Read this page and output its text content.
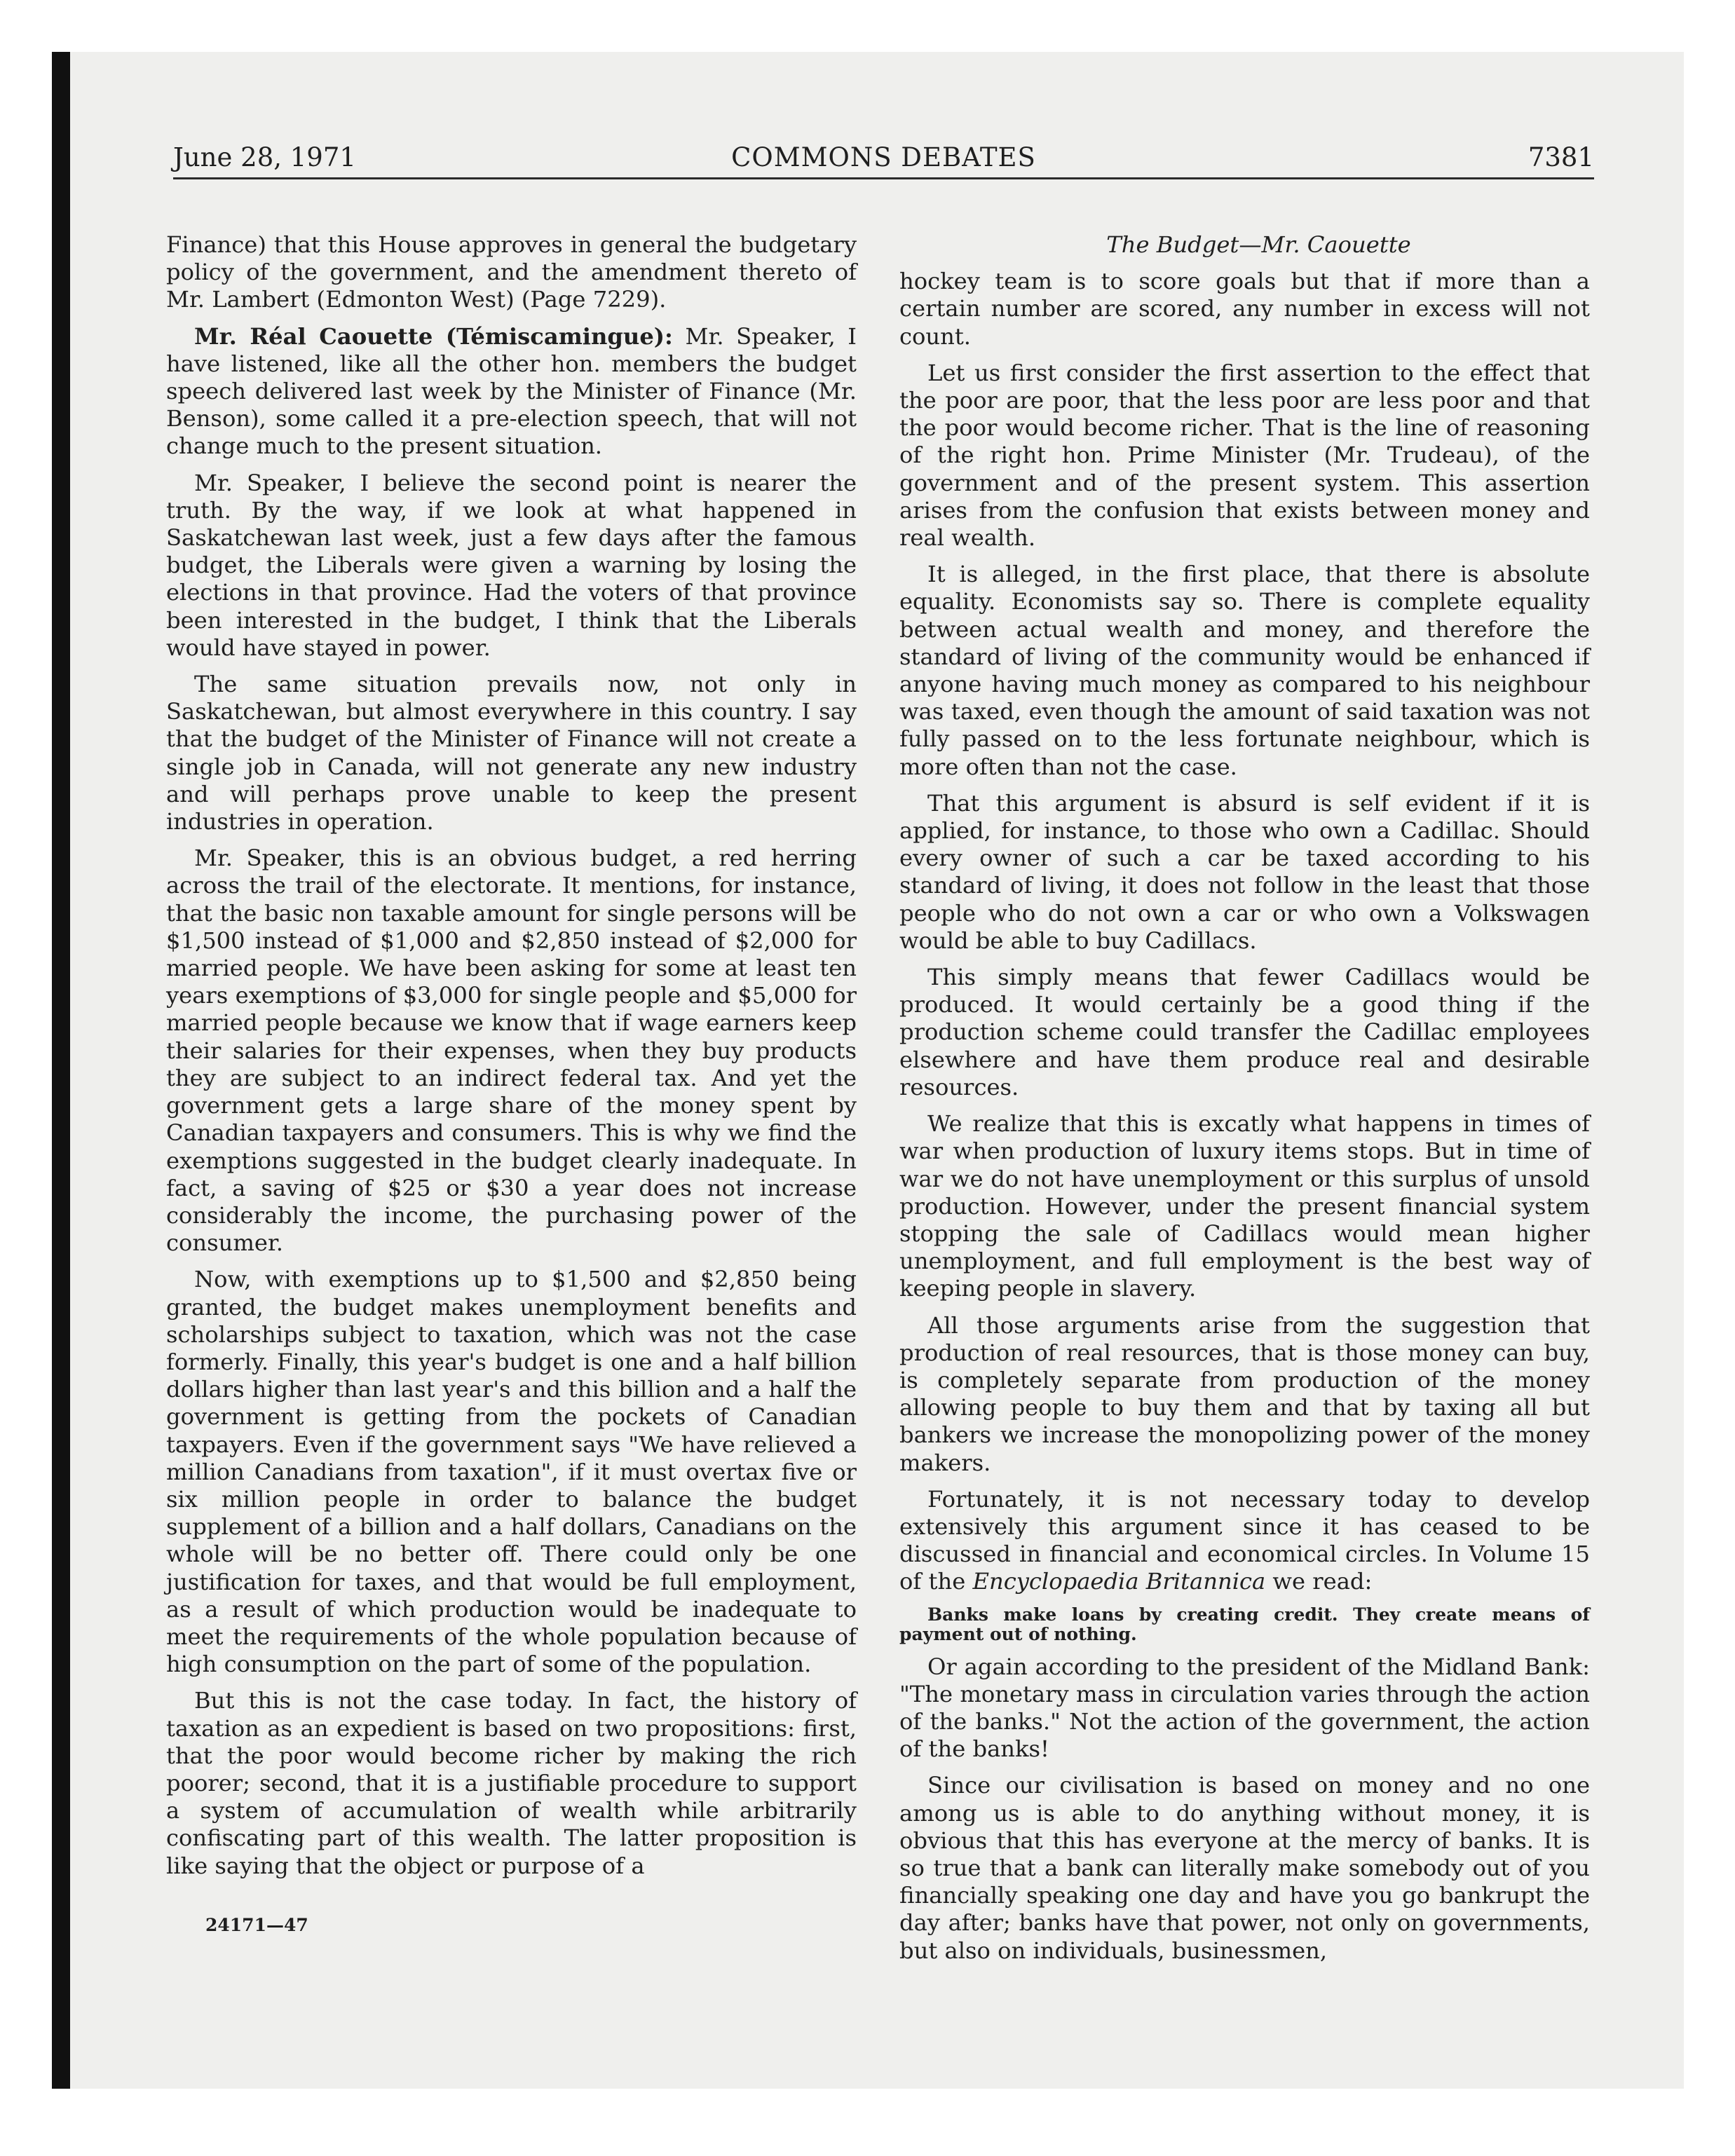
June 28, 1971	COMMONS DEBATES	7381

Finance) that this House approves in general the budgetary policy of the government, and the amendment thereto of Mr. Lambert (Edmonton West) (Page 7229).

Mr. Réal Caouette (Témiscamingue): Mr. Speaker, I have listened, like all the other hon. members the budget speech delivered last week by the Minister of Finance (Mr. Benson), some called it a pre-election speech, that will not change much to the present situation.

Mr. Speaker, I believe the second point is nearer the truth. By the way, if we look at what happened in Saskatchewan last week, just a few days after the famous budget, the Liberals were given a warning by losing the elections in that province. Had the voters of that province been interested in the budget, I think that the Liberals would have stayed in power.

The same situation prevails now, not only in Saskatchewan, but almost everywhere in this country. I say that the budget of the Minister of Finance will not create a single job in Canada, will not generate any new industry and will perhaps prove unable to keep the present industries in operation.

Mr. Speaker, this is an obvious budget, a red herring across the trail of the electorate. It mentions, for instance, that the basic non taxable amount for single persons will be $1,500 instead of $1,000 and $2,850 instead of $2,000 for married people. We have been asking for some at least ten years exemptions of $3,000 for single people and $5,000 for married people because we know that if wage earners keep their salaries for their expenses, when they buy products they are subject to an indirect federal tax. And yet the government gets a large share of the money spent by Canadian taxpayers and consumers. This is why we find the exemptions suggested in the budget clearly inadequate. In fact, a saving of $25 or $30 a year does not increase considerably the income, the purchasing power of the consumer.

Now, with exemptions up to $1,500 and $2,850 being granted, the budget makes unemployment benefits and scholarships subject to taxation, which was not the case formerly. Finally, this year's budget is one and a half billion dollars higher than last year's and this billion and a half the government is getting from the pockets of Canadian taxpayers. Even if the government says "We have relieved a million Canadians from taxation", if it must overtax five or six million people in order to balance the budget supplement of a billion and a half dollars, Canadians on the whole will be no better off. There could only be one justification for taxes, and that would be full employment, as a result of which production would be inadequate to meet the requirements of the whole population because of high consumption on the part of some of the population.

But this is not the case today. In fact, the history of taxation as an expedient is based on two propositions: first, that the poor would become richer by making the rich poorer; second, that it is a justifiable procedure to support a system of accumulation of wealth while arbitrarily confiscating part of this wealth. The latter proposition is like saying that the object or purpose of a

The Budget—Mr. Caouette

hockey team is to score goals but that if more than a certain number are scored, any number in excess will not count.

Let us first consider the first assertion to the effect that the poor are poor, that the less poor are less poor and that the poor would become richer. That is the line of reasoning of the right hon. Prime Minister (Mr. Trudeau), of the government and of the present system. This assertion arises from the confusion that exists between money and real wealth.

It is alleged, in the first place, that there is absolute equality. Economists say so. There is complete equality between actual wealth and money, and therefore the standard of living of the community would be enhanced if anyone having much money as compared to his neighbour was taxed, even though the amount of said taxation was not fully passed on to the less fortunate neighbour, which is more often than not the case.

That this argument is absurd is self evident if it is applied, for instance, to those who own a Cadillac. Should every owner of such a car be taxed according to his standard of living, it does not follow in the least that those people who do not own a car or who own a Volkswagen would be able to buy Cadillacs.

This simply means that fewer Cadillacs would be produced. It would certainly be a good thing if the production scheme could transfer the Cadillac employees elsewhere and have them produce real and desirable resources.

We realize that this is excatly what happens in times of war when production of luxury items stops. But in time of war we do not have unemployment or this surplus of unsold production. However, under the present financial system stopping the sale of Cadillacs would mean higher unemployment, and full employment is the best way of keeping people in slavery.

All those arguments arise from the suggestion that production of real resources, that is those money can buy, is completely separate from production of the money allowing people to buy them and that by taxing all but bankers we increase the monopolizing power of the money makers.

Fortunately, it is not necessary today to develop extensively this argument since it has ceased to be discussed in financial and economical circles. In Volume 15 of the Encyclopaedia Britannica we read:

Banks make loans by creating credit. They create means of payment out of nothing.

Or again according to the president of the Midland Bank: "The monetary mass in circulation varies through the action of the banks." Not the action of the government, the action of the banks!

Since our civilisation is based on money and no one among us is able to do anything without money, it is obvious that this has everyone at the mercy of banks. It is so true that a bank can literally make somebody out of you financially speaking one day and have you go bankrupt the day after; banks have that power, not only on governments, but also on individuals, businessmen,

24171—47
